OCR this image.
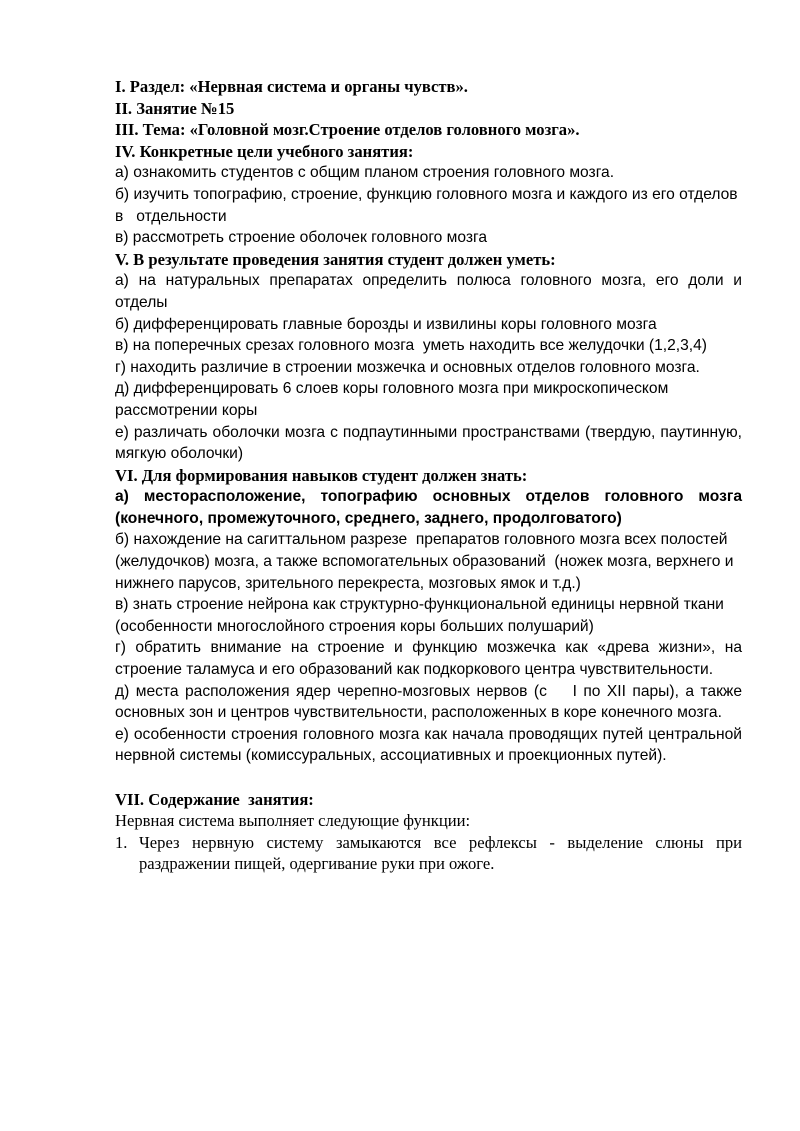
I. Раздел: «Нервная система и органы чувств».
II. Занятие №15
III. Тема: «Головной мозг.Строение отделов головного мозга».
IV. Конкретные цели учебного занятия:
а) ознакомить студентов с общим планом строения головного мозга.
б) изучить топографию, строение, функцию головного мозга и каждого из его отделов в   отдельности
в) рассмотреть строение оболочек головного мозга
V. В результате проведения занятия студент должен уметь:
а) на натуральных препаратах определить полюса головного мозга, его доли и отделы
б) дифференцировать главные борозды и извилины коры головного мозга
в) на поперечных срезах головного мозга  уметь находить все желудочки (1,2,3,4)
г) находить различие в строении мозжечка и основных отделов головного мозга.
д) дифференцировать 6 слоев коры головного мозга при микроскопическом рассмотрении коры
е) различать оболочки мозга с подпаутинными пространствами (твердую, паутинную, мягкую оболочки)
VI. Для формирования навыков студент должен знать:
а) месторасположение, топографию основных отделов головного мозга (конечного, промежуточного, среднего, заднего, продолговатого)
б) нахождение на сагиттальном разрезе  препаратов головного мозга всех полостей (желудочков) мозга, а также вспомогательных образований  (ножек мозга, верхнего и нижнего парусов, зрительного перекреста, мозговых ямок и т.д.)
в) знать строение нейрона как структурно-функциональной единицы нервной ткани (особенности многослойного строения коры больших полушарий)
г) обратить внимание на строение и функцию мозжечка как «древа жизни», на строение таламуса и его образований как подкоркового центра чувствительности.
д) места расположения ядер черепно-мозговых нервов (с    I по XII пары), а также основных зон и центров чувствительности, расположенных в коре конечного мозга.
е) особенности строения головного мозга как начала проводящих путей центральной нервной системы (комиссуральных, ассоциативных и проекционных путей).
VII. Содержание  занятия:
Нервная система выполняет следующие функции:
1. Через нервную систему замыкаются все рефлексы - выделение слюны при раздражении пищей, одергивание руки при ожоге.
